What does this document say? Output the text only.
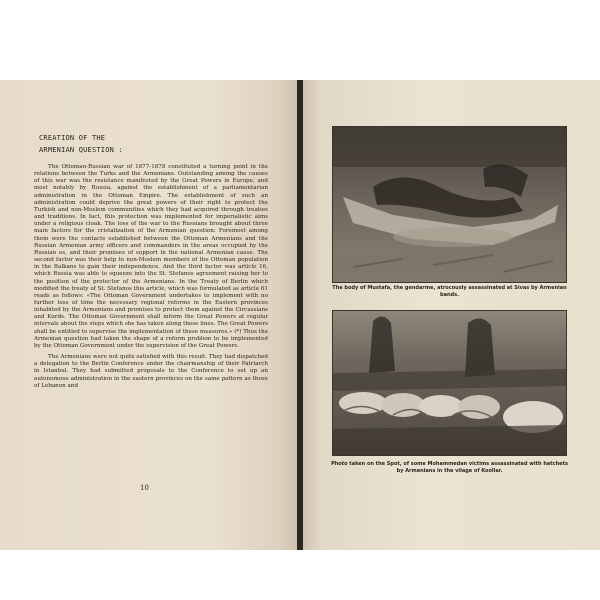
CREATION OF THE
ARMENIAN QUESTION :

The Ottoman-Russian war of 1877-1878 constituted a turning point in the relations between the Turks and the Armenians. Outstanding among the causes of this war was the resistance manifested by the Great Powers in Europe, and most notably by Russia, against the establishment of a parliamentarian administration in the Ottoman Empire. The establishment of such an administration could deprive the great powers of their right to protect the Turkish and non-Moslem communities which they had acquired through treaties and traditions. In fact, this protection was implemented for imperialistic aims under a religious cloak. The loss of the war to the Russians brought about three main factors for the cristalization of the Armenian question: Foremost among them were the contacts established between the Ottoman Armenians and the Russian Armenian army officers and commanders in the areas occupied by the Russian es, and their promises of support in the national Armenian cause. The second factor was their help to non-Moslem members of the Ottoman population in the Balkans to gain their independence. And the third factor was article 16, which Russia was able to squeeze into the St. Stefanos agreement raising her to the position of the protector of the Armenians. In the Treaty of Berlin which modified the treaty of St. Stefanos this article, which was formulated as article 61 reads as follows: «The Ottoman Government undertakes to implement with no further loss of time the necessary regional reforms in the Eastern provinces inhabited by the Armenians and promises to protect them against the Circassians and Kurds. The Ottoman Government shall inform the Great Powers at regular intervals about the steps which she has taken along these lines. The Great Powers shall be entitled to supervise the implementation of these measures.» (*) Thus the Armenian question had taken the shape of a reform problem to be implemented by the Ottoman Government under the supervision of the Great Powers.

The Armenians were not quite satisfied with this result. They had dispatched a delegation to the Berlin Conference under the chairmanship of their Patriarch in Istanbul. They had submitted proposals to the Conference to set up an autonomous administration in the eastern provinces on the same pattern as those of Lebanon and

10
The body of Mustafa, the gendarme, atrocously assassinated at Sivas by Armenian bands.
Photo taken on the Spot, of some Mohammedan victims assassinated with hatchets by Armenians in the vilage of Koollar.
